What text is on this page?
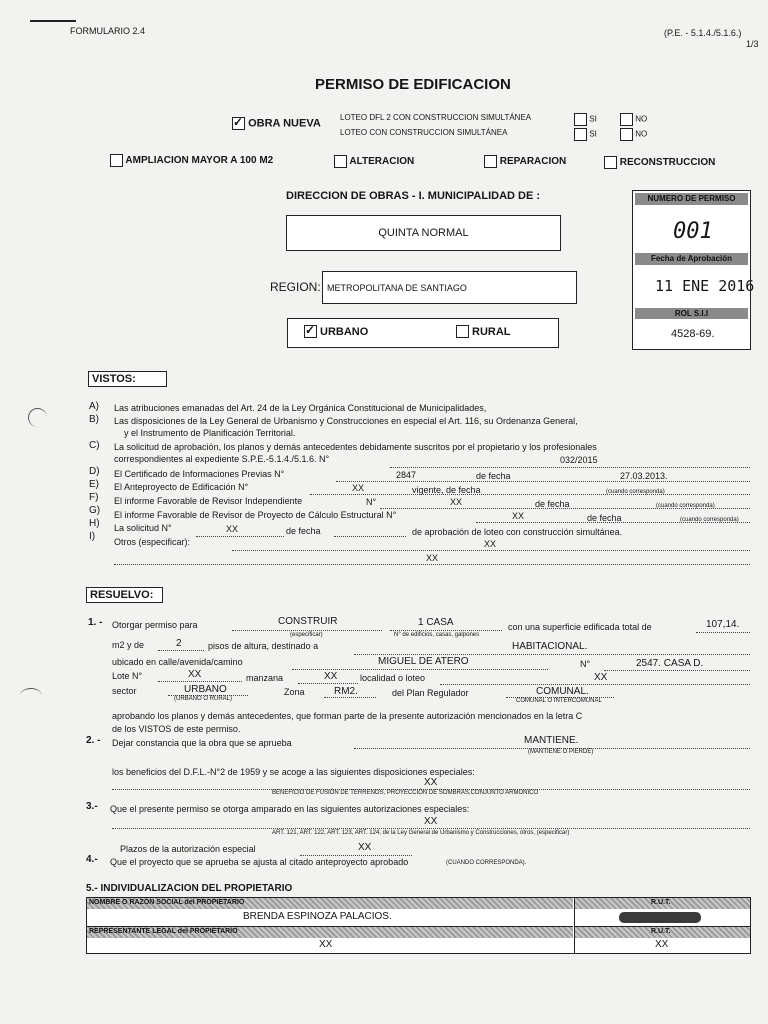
FORMULARIO 2.4	(P.E. - 5.1.4./5.1.6.)
1/3
PERMISO DE EDIFICACION
✓ OBRA NUEVA LOTEO DFL 2 CON CONSTRUCCION SIMULTÁNEA
LOTEO CON CONSTRUCCION SIMULTÁNEA
SI	NO
SI	NO
AMPLIACION MAYOR A 100 M2	ALTERACION	REPARACION	RECONSTRUCCION
DIRECCION DE OBRAS - I. MUNICIPALIDAD DE :
QUINTA NORMAL
REGION: METROPOLITANA DE SANTIAGO
✓
URBANO	RURAL
NUMERO DE PERMISO
001
Fecha de Aprobación
11 ENE 2016
ROL S.I.I
4528-69.
VISTOS:
A) Las atribuciones emanadas del Art. 24 de la Ley Orgánica Constitucional de Municipalidades,
B) Las disposiciones de la Ley General de Urbanismo y Construcciones en especial el Art. 116, su Ordenanza General,
y el Instrumento de Planificación Territorial.
C) La solicitud de aprobación, los planos y demás antecedentes debidamente suscritos por el propietario y los profesionales
correspondientes al expediente S.P.E.-5.1.4./5.1.6. N°	032/2015
D) El Certificado de Informaciones Previas N°	2847	de fecha	27.03.2013.
E) El Anteproyecto de Edificación N°	XX	vigente, de fecha	(cuando corresponda)
F) El informe Favorable de Revisor Independiente	N°	XX	de fecha	(cuando corresponda)
G) El informe Favorable de Revisor de Proyecto de Cálculo Estructural N°	XX	de fecha	(cuando corresponda)
H) La solicitud N°	XX	de fecha	de aprobación de loteo con construcción simultánea.
I) Otros (especificar):	XX
XX
RESUELVO:
1. - Otorgar permiso para	CONSTRUIR
(especificar)
1 CASA
N° de edificios, casas, galpones
con una superficie edificada total de	107,14.
m2 y de	2	pisos de altura, destinado a	HABITACIONAL.
ubicado en calle/avenida/camino	MIGUEL DE ATERO	N°	2547. CASA D.
Lote N°	XX	manzana	XX	localidad o loteo	XX
sector	URBANO
(URBANO O RURAL)
Zona	RM2.	del Plan Regulador	COMUNAL.
COMUNAL O INTERCOMUNAL
aprobando los planos y demás antecedentes, que forman parte de la presente autorización mencionados en la letra C
de los VISTOS de este permiso.
2. - Dejar constancia que la obra que se aprueba	MANTIENE.
(MANTIENE O PIERDE)
los beneficios del D.F.L.-N°2 de 1959 y se acoge a las siguientes disposiciones especiales:
XX
BENEFICIO DE FUSIÓN DE TERRENOS, PROYECCIÓN DE SOMBRAS,CONJUNTO ARMONICO
3.- Que el presente permiso se otorga amparado en las siguientes autorizaciones especiales:
XX
ART. 121, ART. 122, ART. 123, ART. 124, de la Ley General de Urbanismo y Construcciones, otros, (especificar)
Plazos de la autorización especial	XX
4.- Que el proyecto que se aprueba se ajusta al citado anteproyecto aprobado	(CUANDO CORRESPONDA).
5.- INDIVIDUALIZACION DEL PROPIETARIO
NOMBRE O RAZÓN SOCIAL del PROPIETARIO	R.U.T.
BRENDA ESPINOZA PALACIOS.
REPRESENTANTE LEGAL del PROPIETARIO	R.U.T.
XX	XX
